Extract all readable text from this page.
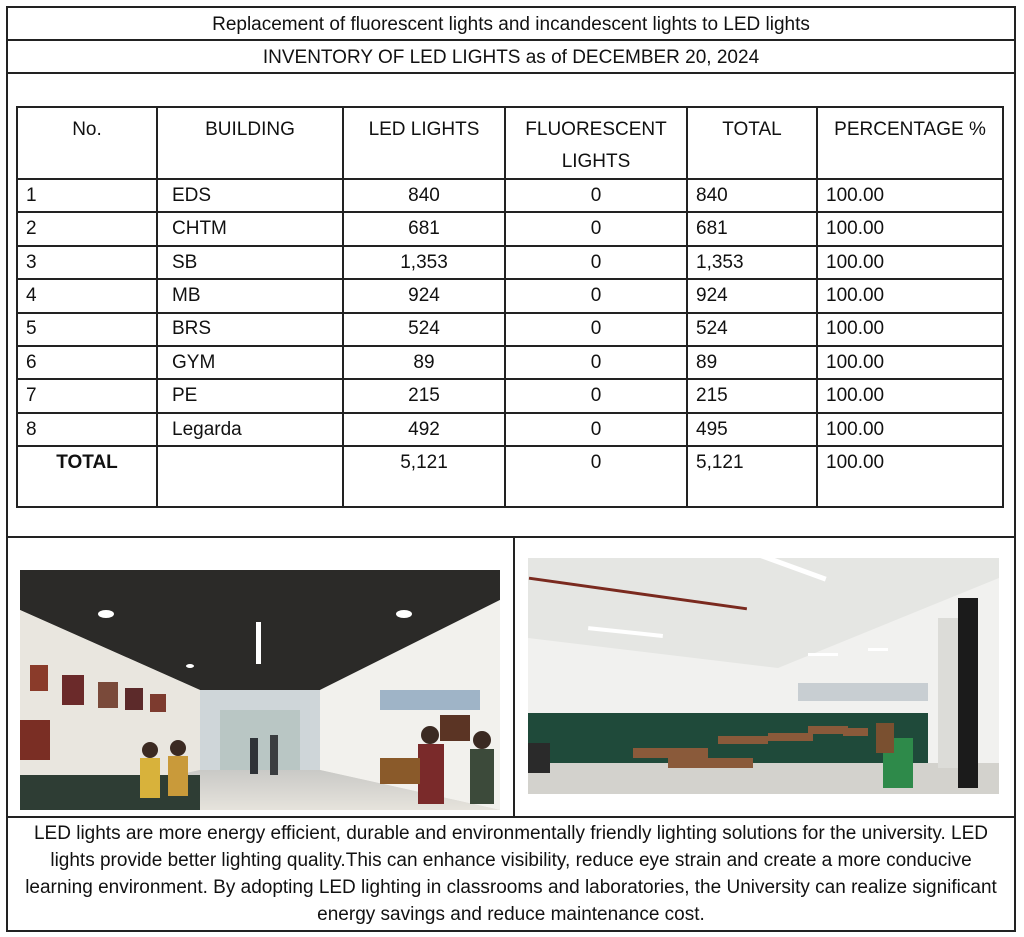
Replacement of fluorescent lights and incandescent lights to LED lights
INVENTORY OF LED LIGHTS as of DECEMBER 20, 2024
No.	BUILDING	LED LIGHTS	FLUORESCENT LIGHTS	TOTAL	PERCENTAGE %
1	EDS	840	0	840	100.00
2	CHTM	681	0	681	100.00
3	SB	1,353	0	1,353	100.00
4	MB	924	0	924	100.00
5	BRS	524	0	524	100.00
6	GYM	89	0	89	100.00
7	PE	215	0	215	100.00
8	Legarda	492	0	495	100.00
TOTAL		5,121	0	5,121	100.00
LED lights are more energy efficient, durable and environmentally friendly lighting solutions for the university. LED lights provide better lighting quality.This can enhance visibility, reduce eye strain and create a more conducive learning environment. By adopting LED lighting in classrooms and laboratories, the University can realize significant energy savings and reduce maintenance cost.
